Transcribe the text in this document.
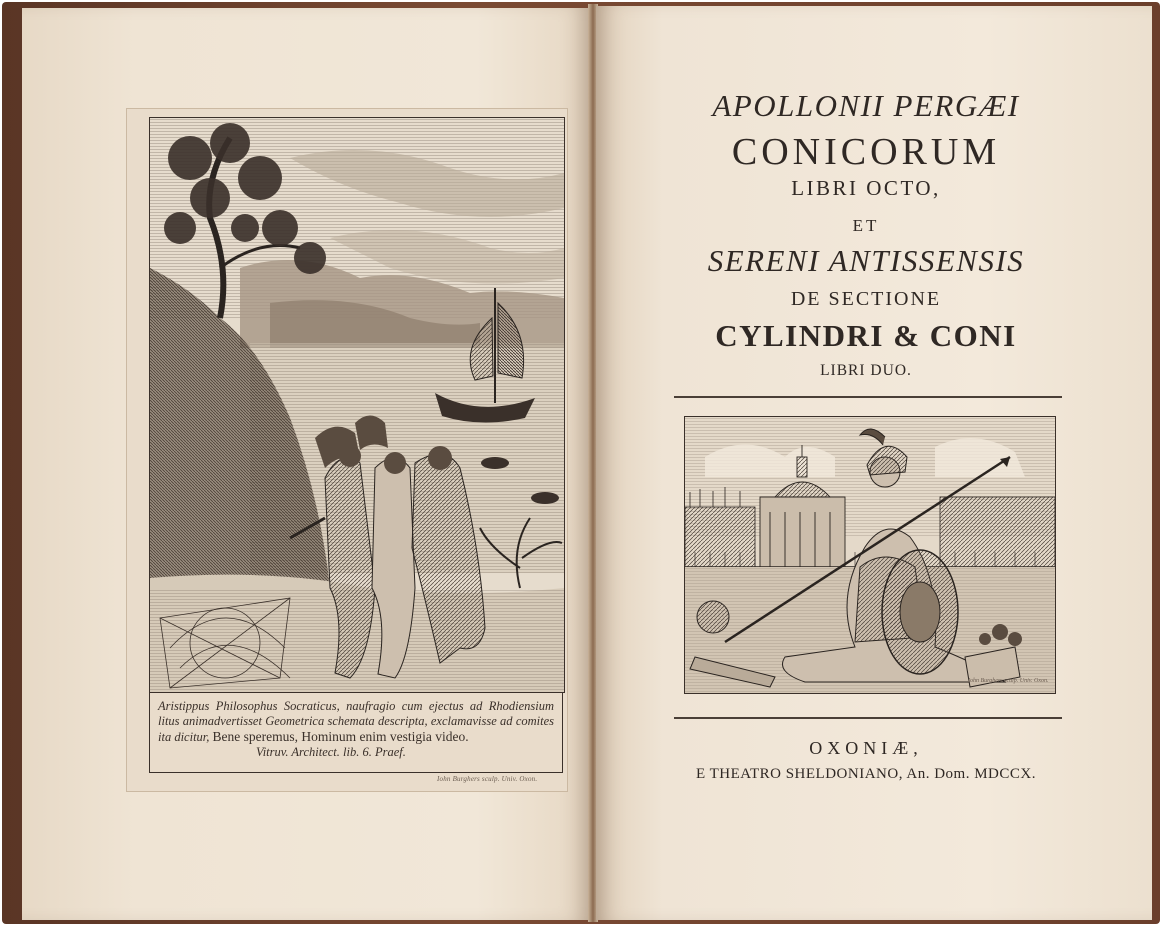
Aristippus Philosophus Socraticus, naufragio cum ejectus ad Rhodiensium litus animadvertisset Geometrica schemata descripta, exclamavisse ad comites ita dicitur, Bene speremus, Hominum enim vestigia video.
Vitruv. Architect. lib. 6. Praef.
Iohn Burghers sculp. Univ. Oxon.

APOLLONII PERGÆI
CONICORUM
LIBRI OCTO,
ET
SERENI ANTISSENSIS
DE SECTIONE
CYLINDRI & CONI
LIBRI DUO.
Iohn Burghers sculp. Univ. Oxon.
OXONIÆ,
E THEATRO SHELDONIANO, An. Dom. MDCCX.
